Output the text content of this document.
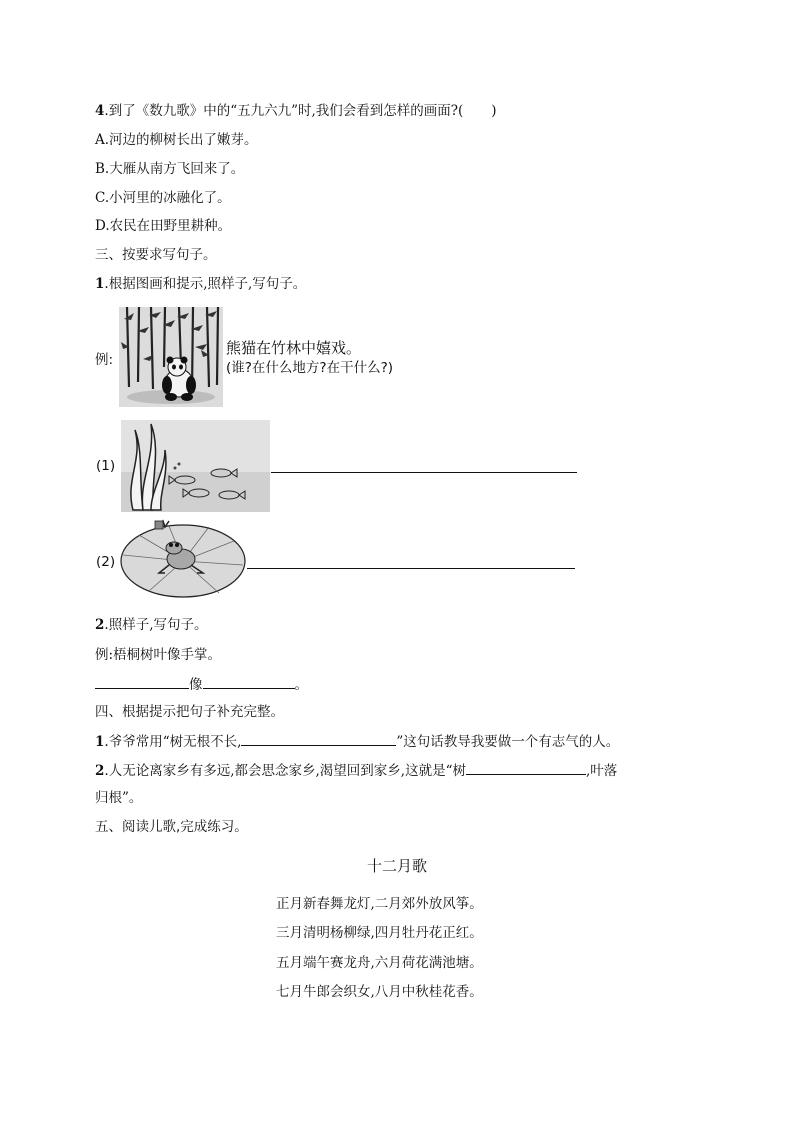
4.到了《数九歌》中的“五九六九”时,我们会看到怎样的画面?( )
A.河边的柳树长出了嫩芽。
B.大雁从南方飞回来了。
C.小河里的冰融化了。
D.农民在田野里耕种。
三、按要求写句子。
1.根据图画和提示,照样子,写句子。
例:
熊猫在竹林中嬉戏。
(谁?在什么地方?在干什么?)
(1)
(2)
2.照样子,写句子。
例:梧桐树叶像手掌。
像	。
四、根据提示把句子补充完整。
1.爷爷常用“树无根不长,	”这句话教导我要做一个有志气的人。
2.人无论离家乡有多远,都会思念家乡,渴望回到家乡,这就是“树	,叶落
归根”。
五、阅读儿歌,完成练习。
十二月歌
正月新春舞龙灯,二月郊外放风筝。
三月清明杨柳绿,四月牡丹花正红。
五月端午赛龙舟,六月荷花满池塘。
七月牛郎会织女,八月中秋桂花香。
